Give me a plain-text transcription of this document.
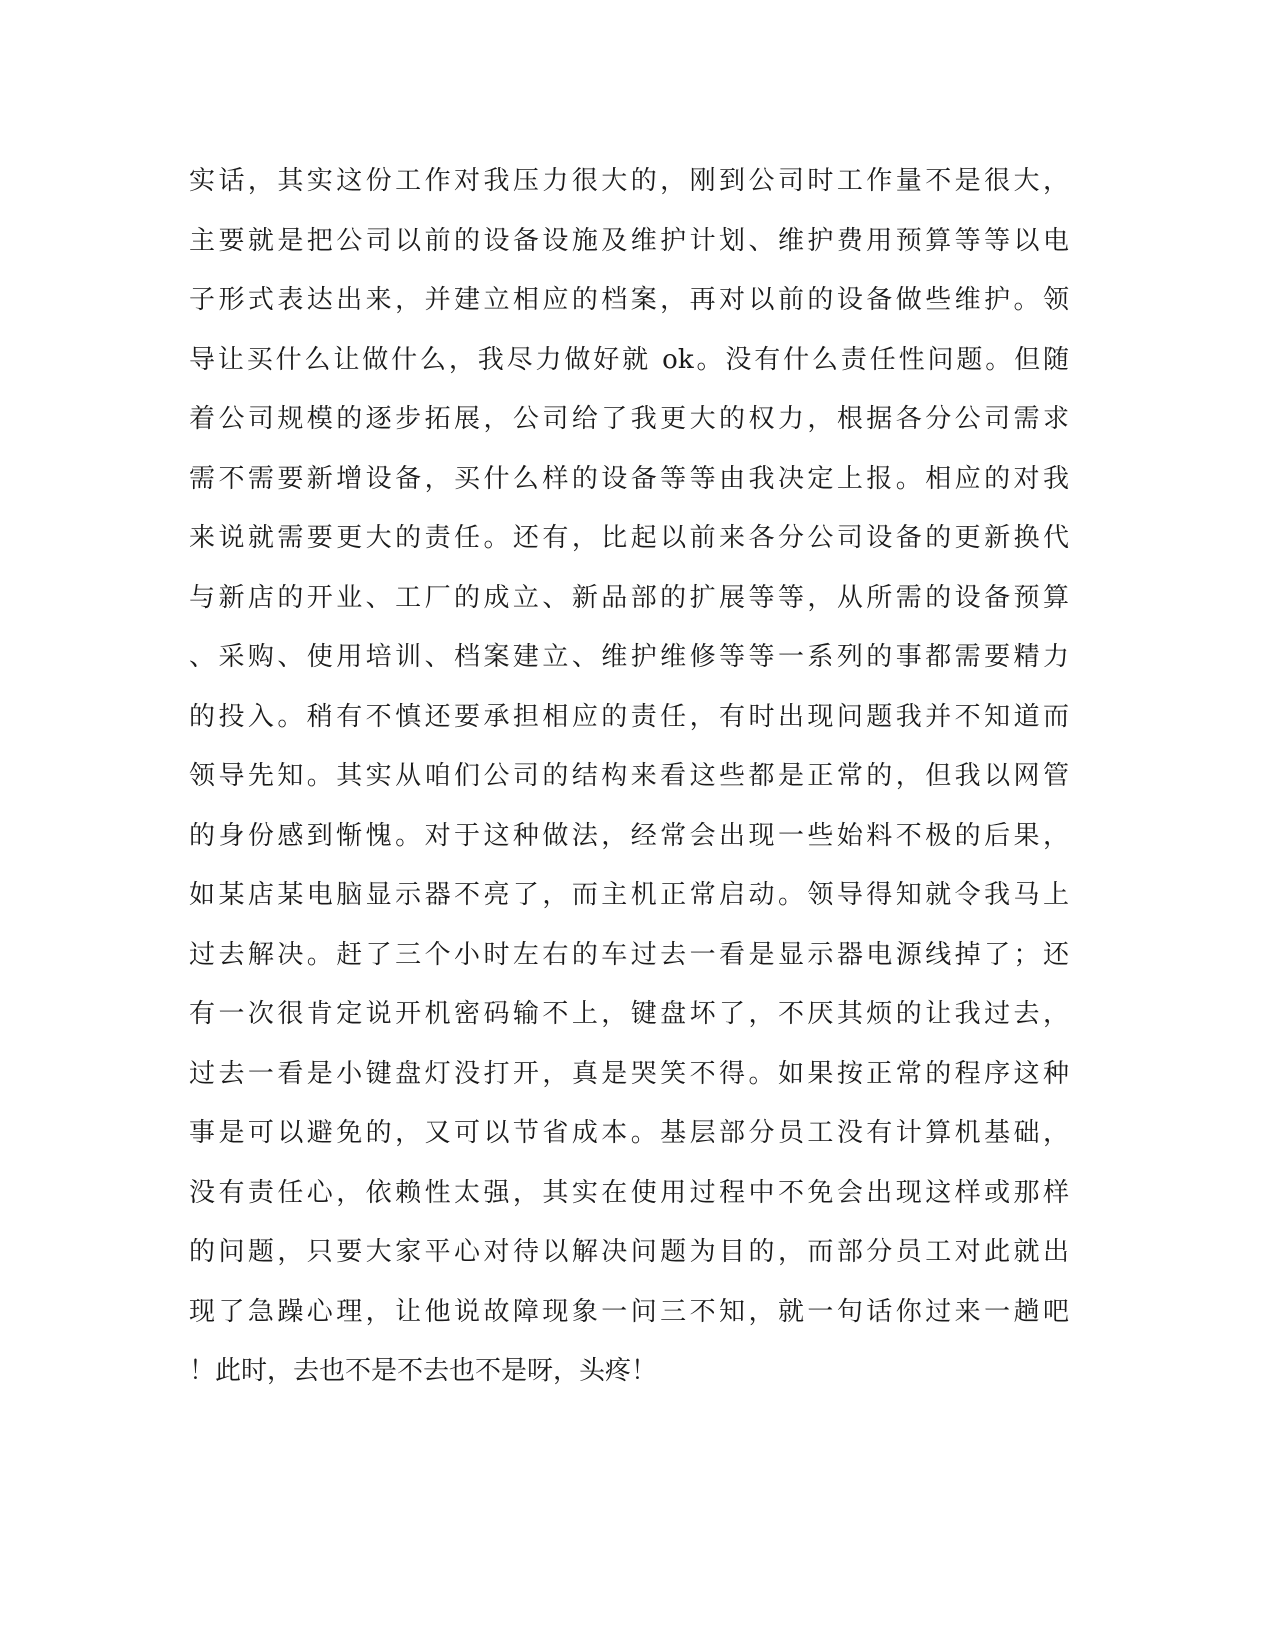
实话，其实这份工作对我压力很大的，刚到公司时工作量不是很大，
主要就是把公司以前的设备设施及维护计划、维护费用预算等等以电
子形式表达出来，并建立相应的档案，再对以前的设备做些维护。领
导让买什么让做什么，我尽力做好就 ok。没有什么责任性问题。但随
着公司规模的逐步拓展，公司给了我更大的权力，根据各分公司需求
需不需要新增设备，买什么样的设备等等由我决定上报。相应的对我
来说就需要更大的责任。还有，比起以前来各分公司设备的更新换代
与新店的开业、工厂的成立、新品部的扩展等等，从所需的设备预算
、采购、使用培训、档案建立、维护维修等等一系列的事都需要精力
的投入。稍有不慎还要承担相应的责任，有时出现问题我并不知道而
领导先知。其实从咱们公司的结构来看这些都是正常的，但我以网管
的身份感到惭愧。对于这种做法，经常会出现一些始料不极的后果，
如某店某电脑显示器不亮了，而主机正常启动。领导得知就令我马上
过去解决。赶了三个小时左右的车过去一看是显示器电源线掉了；还
有一次很肯定说开机密码输不上，键盘坏了，不厌其烦的让我过去，
过去一看是小键盘灯没打开，真是哭笑不得。如果按正常的程序这种
事是可以避免的，又可以节省成本。基层部分员工没有计算机基础，
没有责任心，依赖性太强，其实在使用过程中不免会出现这样或那样
的问题，只要大家平心对待以解决问题为目的，而部分员工对此就出
现了急躁心理，让他说故障现象一问三不知，就一句话你过来一趟吧
！此时，去也不是不去也不是呀，头疼！
